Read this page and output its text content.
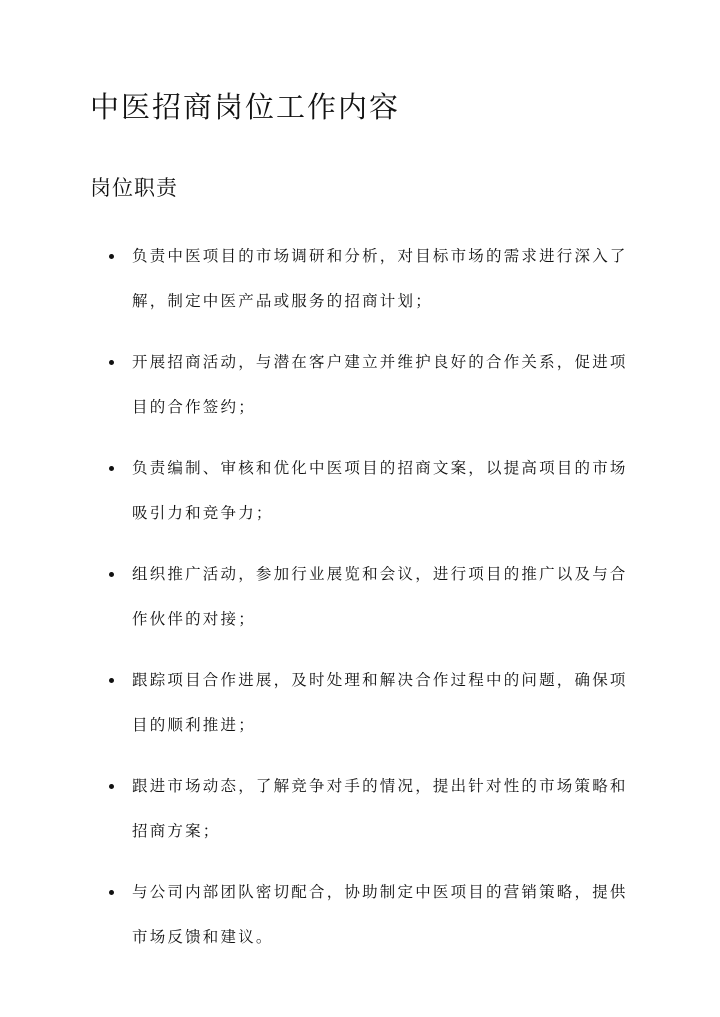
中医招商岗位工作内容
岗位职责
负责中医项目的市场调研和分析，对目标市场的需求进行深入了解，制定中医产品或服务的招商计划；
开展招商活动，与潜在客户建立并维护良好的合作关系，促进项目的合作签约；
负责编制、审核和优化中医项目的招商文案，以提高项目的市场吸引力和竞争力；
组织推广活动，参加行业展览和会议，进行项目的推广以及与合作伙伴的对接；
跟踪项目合作进展，及时处理和解决合作过程中的问题，确保项目的顺利推进；
跟进市场动态，了解竞争对手的情况，提出针对性的市场策略和招商方案；
与公司内部团队密切配合，协助制定中医项目的营销策略，提供市场反馈和建议。
